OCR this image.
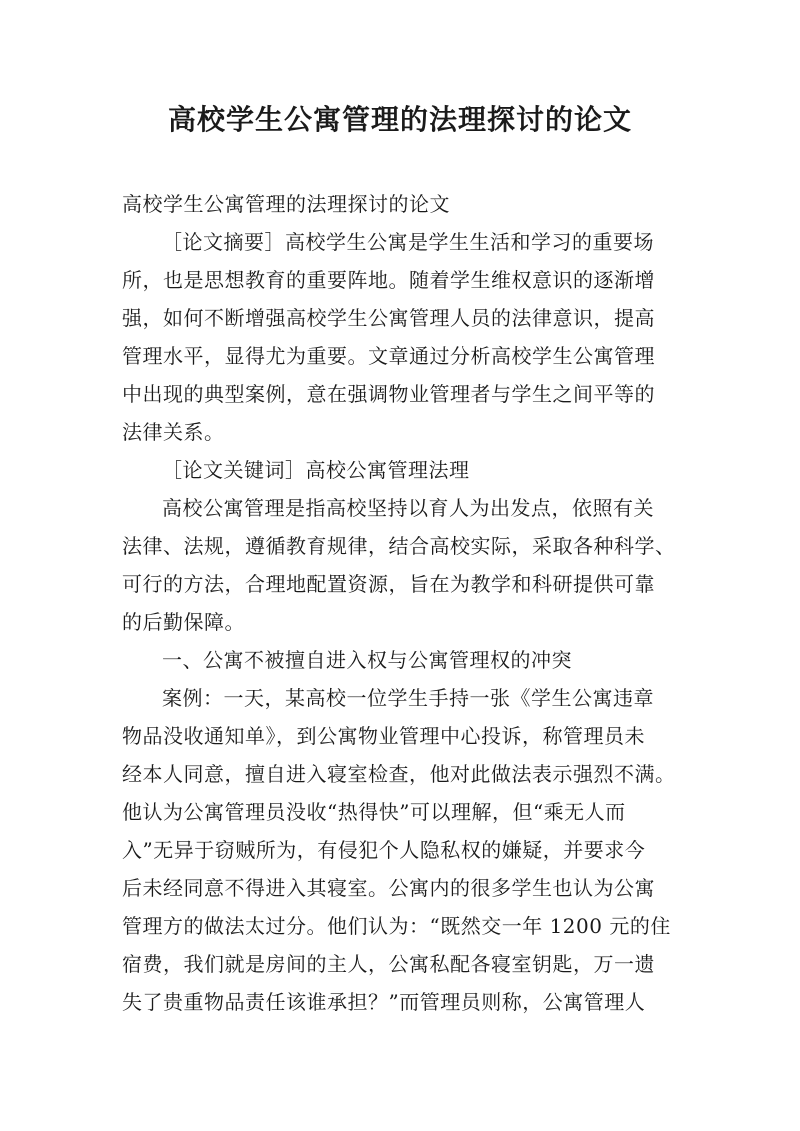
高校学生公寓管理的法理探讨的论文
高校学生公寓管理的法理探讨的论文
［论文摘要］高校学生公寓是学生生活和学习的重要场
所，也是思想教育的重要阵地。随着学生维权意识的逐渐增
强，如何不断增强高校学生公寓管理人员的法律意识，提高
管理水平，显得尤为重要。文章通过分析高校学生公寓管理
中出现的典型案例，意在强调物业管理者与学生之间平等的
法律关系。
［论文关键词］高校公寓管理法理
高校公寓管理是指高校坚持以育人为出发点，依照有关
法律、法规，遵循教育规律，结合高校实际，采取各种科学、
可行的方法，合理地配置资源，旨在为教学和科研提供可靠
的后勤保障。
一、公寓不被擅自进入权与公寓管理权的冲突
案例：一天，某高校一位学生手持一张《学生公寓违章
物品没收通知单》，到公寓物业管理中心投诉，称管理员未
经本人同意，擅自进入寝室检查，他对此做法表示强烈不满。
他认为公寓管理员没收“热得快”可以理解，但“乘无人而
入”无异于窃贼所为，有侵犯个人隐私权的嫌疑，并要求今
后未经同意不得进入其寝室。公寓内的很多学生也认为公寓
管理方的做法太过分。他们认为：“既然交一年 1200 元的住
宿费，我们就是房间的主人，公寓私配各寝室钥匙，万一遗
失了贵重物品责任该谁承担？”而管理员则称，公寓管理人
